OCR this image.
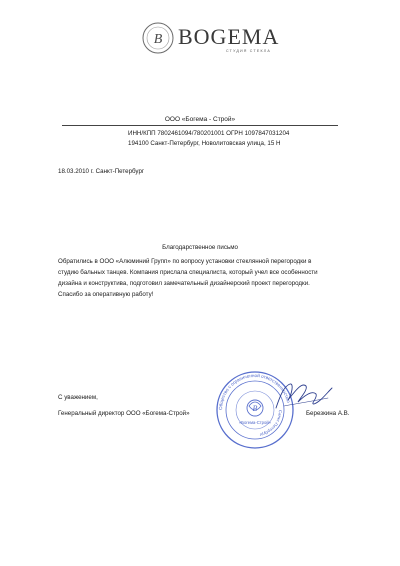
B BOGEMA
СТУДИЯ СТЕКЛА
ООО «Богема - Строй»
ИНН/КПП 7802461094/780201001 ОГРН 1097847031204
194100 Санкт-Петербург, Новолитовская улица, 15 Н
18.03.2010 г. Санкт-Петербург
Благодарственное письмо
Обратились в ООО «Алюминий Групп» по вопросу установки стеклянной перегородки в
студию бальных танцев. Компания прислала специалиста, который учел все особенности
дизайна и конструктива, подготовил замечательный дизайнерский проект перегородки.
Спасибо за оперативную работу!
С уважением,
Генеральный директор ООО «Богема-Строй»	Березкина А.В.
Общество с ограниченной ответственностью
Санкт-Петербург
B
«Богема-Строй»
